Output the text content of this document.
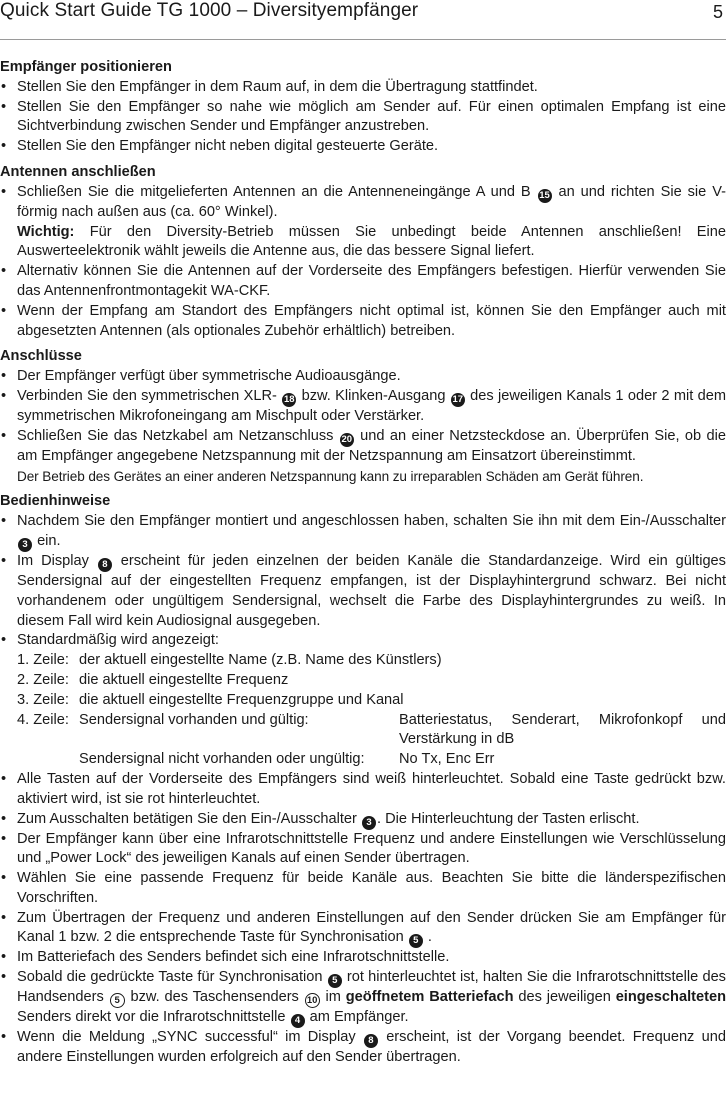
Quick Start Guide TG 1000 – Diversityempfänger	5
Empfänger positionieren
• Stellen Sie den Empfänger in dem Raum auf, in dem die Übertragung stattfindet.
• Stellen Sie den Empfänger so nahe wie möglich am Sender auf. Für einen optimalen Empfang ist eine Sichtverbindung zwischen Sender und Empfänger anzustreben.
• Stellen Sie den Empfänger nicht neben digital gesteuerte Geräte.
Antennen anschließen
• Schließen Sie die mitgelieferten Antennen an die Antenneneingänge A und B 15 an und richten Sie sie V-förmig nach außen aus (ca. 60° Winkel).
Wichtig: Für den Diversity-Betrieb müssen Sie unbedingt beide Antennen anschließen! Eine Auswerteelektronik wählt jeweils die Antenne aus, die das bessere Signal liefert.
• Alternativ können Sie die Antennen auf der Vorderseite des Empfängers befestigen. Hierfür verwenden Sie das Antennenfrontmontagekit WA-CKF.
• Wenn der Empfang am Standort des Empfängers nicht optimal ist, können Sie den Empfänger auch mit abgesetzten Antennen (als optionales Zubehör erhältlich) betreiben.
Anschlüsse
• Der Empfänger verfügt über symmetrische Audioausgänge.
• Verbinden Sie den symmetrischen XLR- 18 bzw. Klinken-Ausgang 17 des jeweiligen Kanals 1 oder 2 mit dem symmetrischen Mikrofoneingang am Mischpult oder Verstärker.
• Schließen Sie das Netzkabel am Netzanschluss 20 und an einer Netzsteckdose an. Überprüfen Sie, ob die am Empfänger angegebene Netzspannung mit der Netzspannung am Einsatzort übereinstimmt.
Der Betrieb des Gerätes an einer anderen Netzspannung kann zu irreparablen Schäden am Gerät führen.
Bedienhinweise
• Nachdem Sie den Empfänger montiert und angeschlossen haben, schalten Sie ihn mit dem Ein-/Ausschalter 3 ein.
• Im Display 8 erscheint für jeden einzelnen der beiden Kanäle die Standardanzeige. Wird ein gültiges Sendersignal auf der eingestellten Frequenz empfangen, ist der Displayhintergrund schwarz. Bei nicht vorhandenem oder ungültigem Sendersignal, wechselt die Farbe des Displayhintergrundes zu weiß. In diesem Fall wird kein Audiosignal ausgegeben.
• Standardmäßig wird angezeigt:
1. Zeile: der aktuell eingestellte Name (z.B. Name des Künstlers)
2. Zeile: die aktuell eingestellte Frequenz
3. Zeile: die aktuell eingestellte Frequenzgruppe und Kanal
4. Zeile: Sendersignal vorhanden und gültig:	Batteriestatus, Senderart, Mikrofonkopf und Verstärkung in dB
Sendersignal nicht vorhanden oder ungültig:	No Tx, Enc Err
• Alle Tasten auf der Vorderseite des Empfängers sind weiß hinterleuchtet. Sobald eine Taste gedrückt bzw. aktiviert wird, ist sie rot hinterleuchtet.
• Zum Ausschalten betätigen Sie den Ein-/Ausschalter 3 . Die Hinterleuchtung der Tasten erlischt.
• Der Empfänger kann über eine Infrarotschnittstelle Frequenz und andere Einstellungen wie Verschlüsselung und „Power Lock“ des jeweiligen Kanals auf einen Sender übertragen.
• Wählen Sie eine passende Frequenz für beide Kanäle aus. Beachten Sie bitte die länderspezifischen Vorschriften.
• Zum Übertragen der Frequenz und anderen Einstellungen auf den Sender drücken Sie am Empfänger für Kanal 1 bzw. 2 die entsprechende Taste für Synchronisation 5 .
• Im Batteriefach des Senders befindet sich eine Infrarotschnittstelle.
• Sobald die gedrückte Taste für Synchronisation 5 rot hinterleuchtet ist, halten Sie die Infrarotschnittstelle des Handsenders 5 bzw. des Taschensenders 10 im geöffnetem Batteriefach des jeweiligen eingeschalteten Senders direkt vor die Infrarotschnittstelle 4 am Empfänger.
• Wenn die Meldung „SYNC successful“ im Display 8 erscheint, ist der Vorgang beendet. Frequenz und andere Einstellungen wurden erfolgreich auf den Sender übertragen.
